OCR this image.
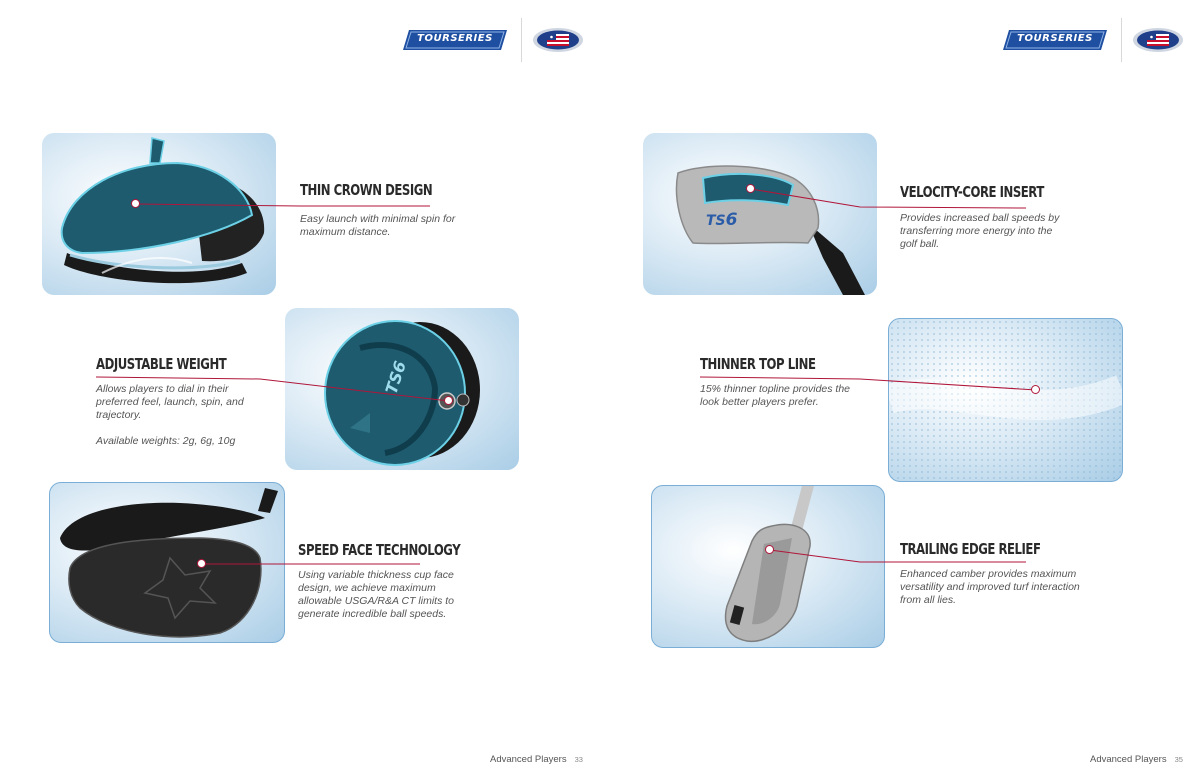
TOURSERIES
THIN CROWN DESIGN

Easy launch with minimal spin for maximum distance.

TS6
ADJUSTABLE WEIGHT

Allows players to dial in their preferred feel, launch, spin, and trajectory.

Available weights: 2g, 6g, 10g

SPEED FACE TECHNOLOGY

Using variable thickness cup face design, we achieve maximum allowable USGA/R&A CT limits to generate incredible ball speeds.

Advanced Players 33
TOURSERIES
TS6
VELOCITY-CORE INSERT

Provides increased ball speeds by transferring more energy into the golf ball.

THINNER TOP LINE

15% thinner topline provides the look better players prefer.

TRAILING EDGE RELIEF

Enhanced camber provides maximum versatility and improved turf interaction from all lies.

Advanced Players 35
